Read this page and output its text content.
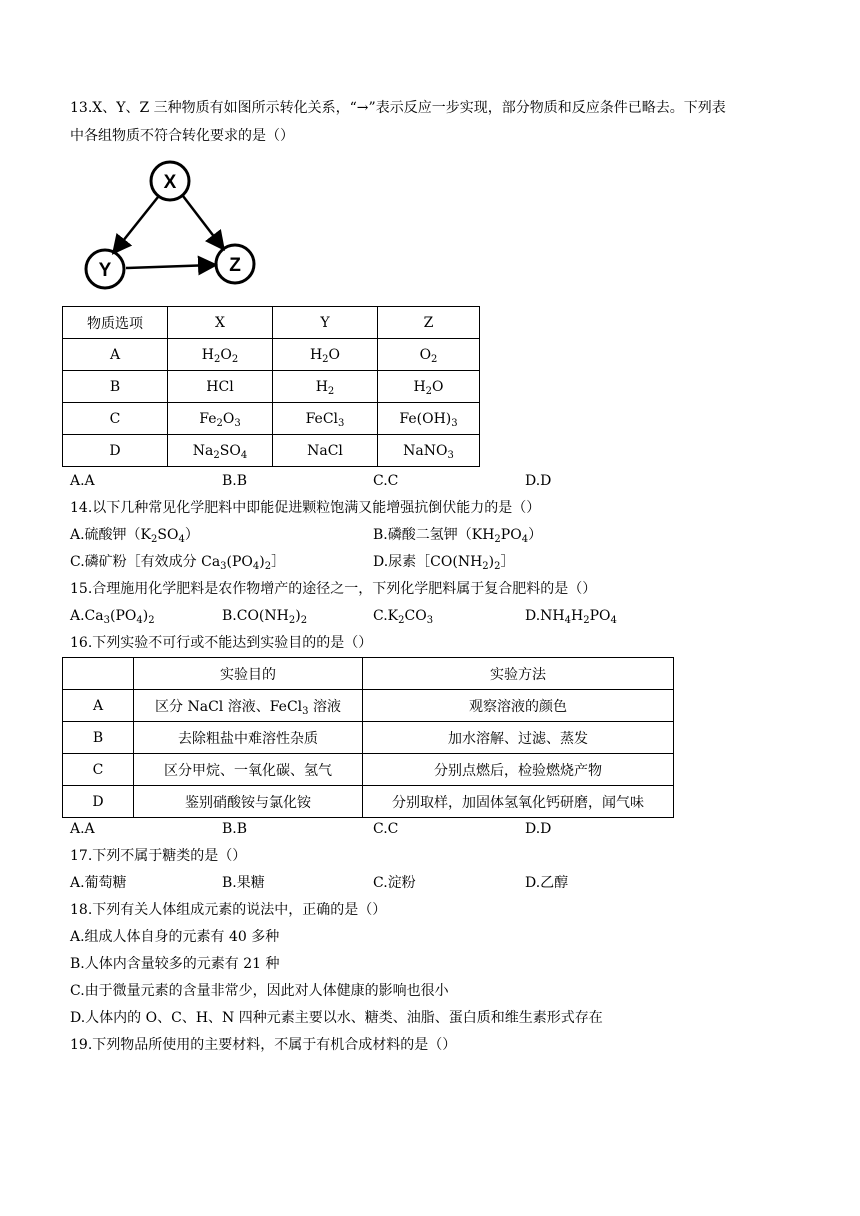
13.X、Y、Z 三种物质有如图所示转化关系，“→”表示反应一步实现，部分物质和反应条件已略去。下列表
中各组物质不符合转化要求的是（）
X
Y	Z
物质选项	X	Y	Z
A	$H_2O_2$	$H_2O$	$O_2$
B	HCl	$H_2$	$H_2O$
C	$Fe_2O_3$	FeCl$_3$	$Fe(OH)_3$
D	$Na_2SO_4$	NaCl	NaNO$_3$
A.A	B.B	C.C	D.D
14.以下几种常见化学肥料中即能促进颗粒饱满又能增强抗倒伏能力的是（）
A.硫酸钾$(K_2SO_4)$	B.磷酸二氢钾$(KH_2PO_4)$
C.磷矿粉［有效成分 $Ca_3(PO_4)_2]$	D.尿素$[CO(NH_2)_2]$
15.合理施用化学肥料是农作物增产的途径之一，下列化学肥料属于复合肥料的是（）
$A.Ca_3(PO_4)_2$	$B.CO(NH_2)_2$	$C.K_2CO_3$	$D.NH_4H_2PO_4$
16.下列实验不可行或不能达到实验目的的是（）
	实验目的	实验方法
A	区分 NaCl 溶液、FeCl$_3$ 溶液	观察溶液的颜色
B	去除粗盐中难溶性杂质	加水溶解、过滤、蒸发
C	区分甲烷、一氧化碳、氢气	分别点燃后，检验燃烧产物
D	鉴别硝酸铵与氯化铵	分别取样，加固体氢氧化钙研磨，闻气味
A.A	B.B	C.C	D.D
17.下列不属于糖类的是（）
A.葡萄糖	B.果糖	C.淀粉	D.乙醇
18.下列有关人体组成元素的说法中，正确的是（）
A.组成人体自身的元素有 40 多种
B.人体内含量较多的元素有 21 种
C.由于微量元素的含量非常少，因此对人体健康的影响也很小
D.人体内的 O、C、H、N 四种元素主要以水、糖类、油脂、蛋白质和维生素形式存在
19.下列物品所使用的主要材料，不属于有机合成材料的是（）
